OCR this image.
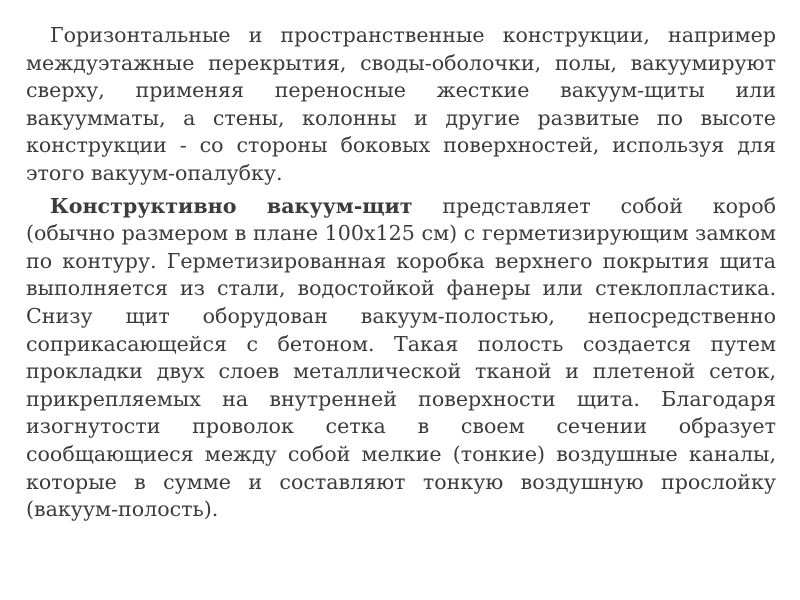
Горизонтальные и пространственные конструкции, например междуэтажные перекрытия, своды-оболочки, полы, вакуумируют сверху, применяя переносные жесткие вакуум-щиты или вакууммaты, а стены, колонны и другие развитые по высоте конструкции - со стороны боковых поверхностей, используя для этого вакуум-опалубку.

Конструктивно вакуум-щит представляет собой короб (обычно размером в плане 100х125 см) с герметизирующим замком по контуру. Герметизированная коробка верхнего покрытия щита выполняется из стали, водостойкой фанеры или стеклопластика. Снизу щит оборудован вакуум-полостью, непосредственно соприкасающейся с бетоном. Такая полость создается путем прокладки двух слоев металлической тканой и плетеной сеток, прикрепляемых на внутренней поверхности щита. Благодаря изогнутости проволок сетка в своем сечении образует сообщающиеся между собой мелкие (тонкие) воздушные каналы, которые в сумме и составляют тонкую воздушную прослойку (вакуум-полость).
